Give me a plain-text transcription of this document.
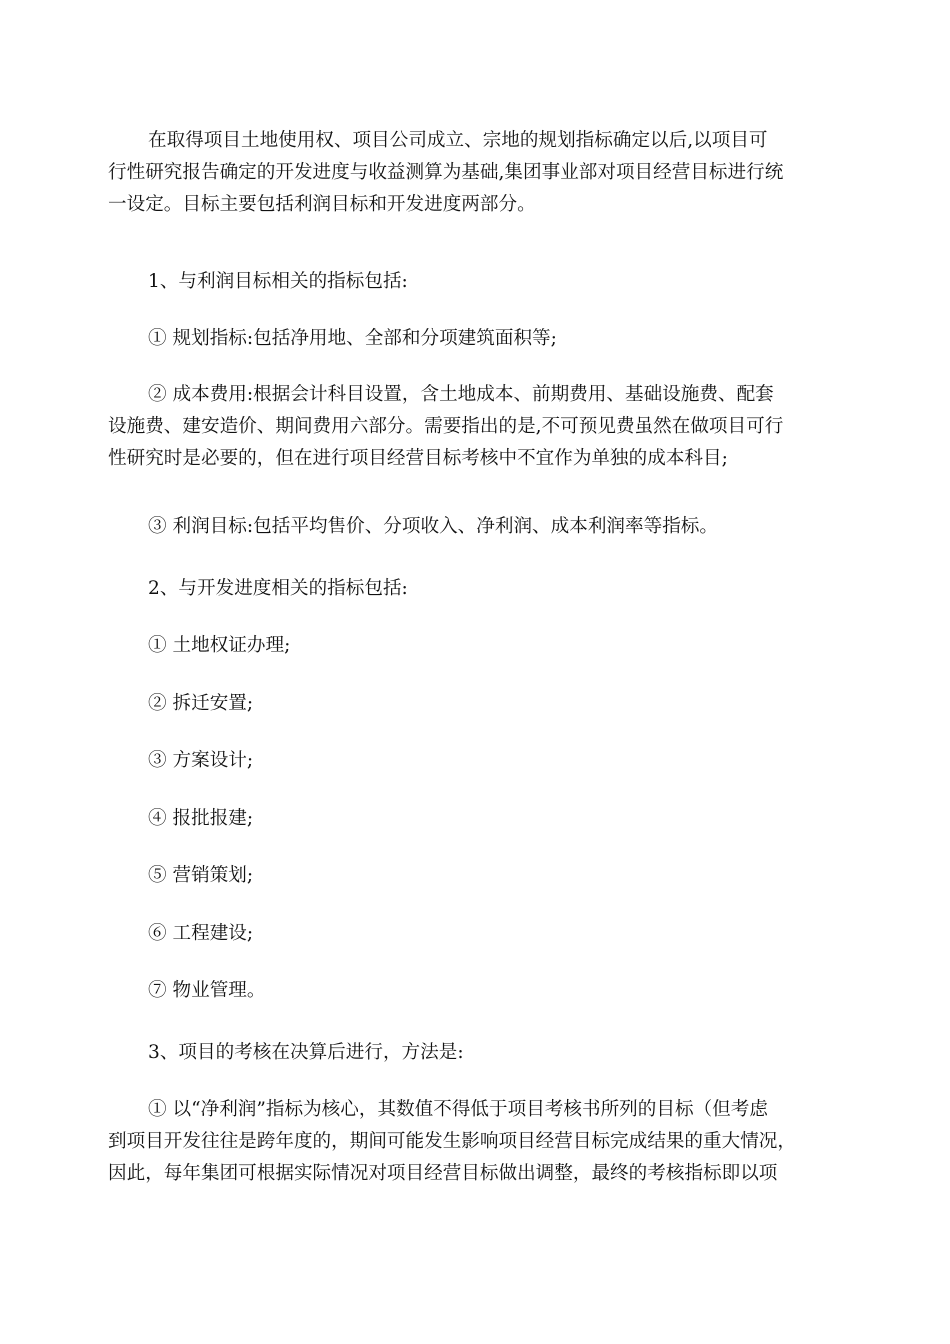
在取得项目土地使用权、项目公司成立、宗地的规划指标确定以后,以项目可
行性研究报告确定的开发进度与收益测算为基础,集团事业部对项目经营目标进行统
一设定。目标主要包括利润目标和开发进度两部分。
1、与利润目标相关的指标包括:
① 规划指标:包括净用地、全部和分项建筑面积等;
② 成本费用:根据会计科目设置，含土地成本、前期费用、基础设施费、配套
设施费、建安造价、期间费用六部分。需要指出的是,不可预见费虽然在做项目可行
性研究时是必要的，但在进行项目经营目标考核中不宜作为单独的成本科目;
③ 利润目标:包括平均售价、分项收入、净利润、成本利润率等指标。
2、与开发进度相关的指标包括:
① 土地权证办理;
② 拆迁安置;
③ 方案设计;
④ 报批报建;
⑤ 营销策划;
⑥ 工程建设;
⑦ 物业管理。
3、项目的考核在决算后进行，方法是:
① 以“净利润”指标为核心，其数值不得低于项目考核书所列的目标（但考虑
到项目开发往往是跨年度的，期间可能发生影响项目经营目标完成结果的重大情况，
因此，每年集团可根据实际情况对项目经营目标做出调整，最终的考核指标即以项
